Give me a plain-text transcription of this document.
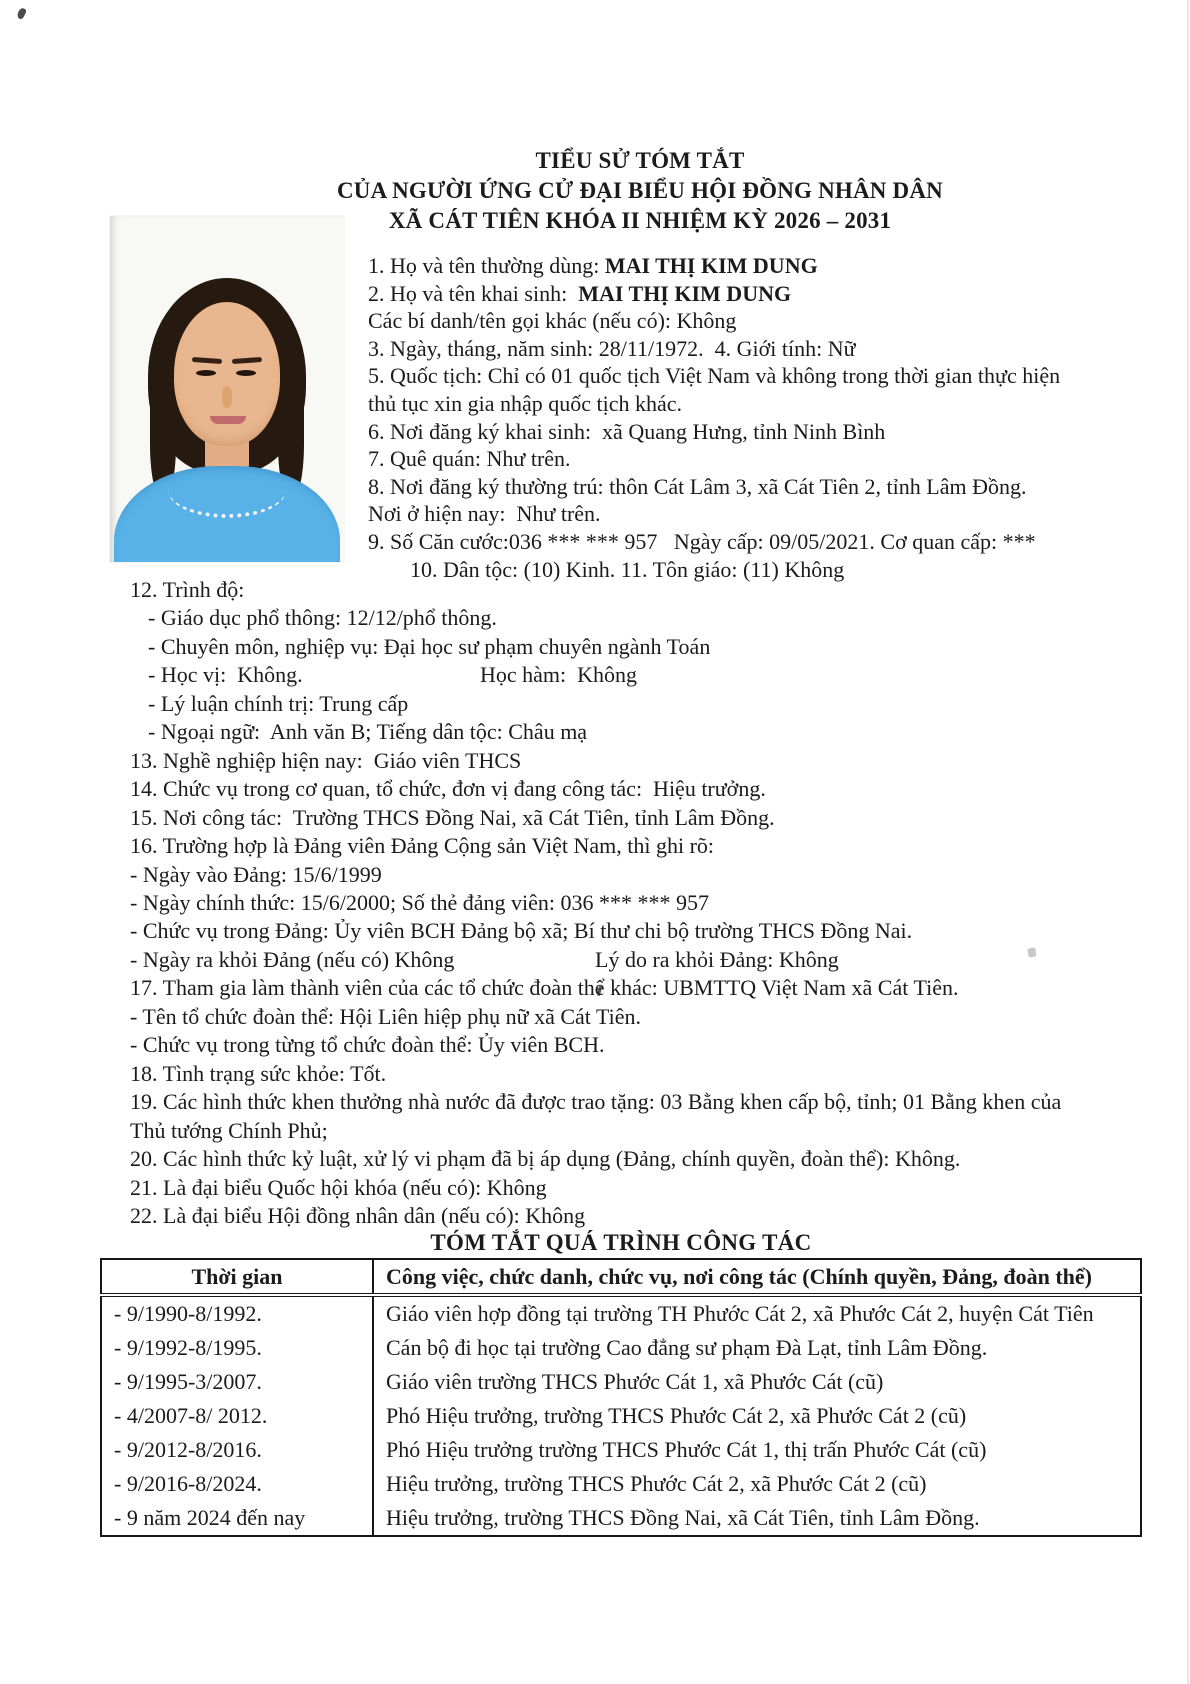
TIỂU SỬ TÓM TẮT
CỦA NGƯỜI ỨNG CỬ ĐẠI BIỂU HỘI ĐỒNG NHÂN DÂN
XÃ CÁT TIÊN KHÓA II NHIỆM KỲ 2026 – 2031
1. Họ và tên thường dùng: MAI THỊ KIM DUNG
2. Họ và tên khai sinh:  MAI THỊ KIM DUNG
Các bí danh/tên gọi khác (nếu có): Không
3. Ngày, tháng, năm sinh: 28/11/1972.  4. Giới tính: Nữ
5. Quốc tịch: Chỉ có 01 quốc tịch Việt Nam và không trong thời gian thực hiện
thủ tục xin gia nhập quốc tịch khác.
6. Nơi đăng ký khai sinh:  xã Quang Hưng, tỉnh Ninh Bình
7. Quê quán: Như trên.
8. Nơi đăng ký thường trú: thôn Cát Lâm 3, xã Cát Tiên 2, tỉnh Lâm Đồng.
Nơi ở hiện nay:  Như trên.
9. Số Căn cước:036 *** *** 957   Ngày cấp: 09/05/2021. Cơ quan cấp: ***
10. Dân tộc: (10) Kinh. 11. Tôn giáo: (11) Không
12. Trình độ:
- Giáo dục phổ thông: 12/12/phổ thông.
- Chuyên môn, nghiệp vụ: Đại học sư phạm chuyên ngành Toán
- Học vị:  Không.	Học hàm:  Không
- Lý luận chính trị: Trung cấp
- Ngoại ngữ:  Anh văn B; Tiếng dân tộc: Châu mạ
13. Nghề nghiệp hiện nay:  Giáo viên THCS
14. Chức vụ trong cơ quan, tổ chức, đơn vị đang công tác:  Hiệu trưởng.
15. Nơi công tác:  Trường THCS Đồng Nai, xã Cát Tiên, tỉnh Lâm Đồng.
16. Trường hợp là Đảng viên Đảng Cộng sản Việt Nam, thì ghi rõ:
- Ngày vào Đảng: 15/6/1999
- Ngày chính thức: 15/6/2000; Số thẻ đảng viên: 036 *** *** 957
- Chức vụ trong Đảng: Ủy viên BCH Đảng bộ xã; Bí thư chi bộ trường THCS Đồng Nai.
- Ngày ra khỏi Đảng (nếu có) Không	Lý do ra khỏi Đảng: Không
17. Tham gia làm thành viên của các tổ chức đoàn thể khác: UBMTTQ Việt Nam xã Cát Tiên.
- Tên tổ chức đoàn thể: Hội Liên hiệp phụ nữ xã Cát Tiên.
- Chức vụ trong từng tổ chức đoàn thể: Ủy viên BCH.
18. Tình trạng sức khỏe: Tốt.
19. Các hình thức khen thưởng nhà nước đã được trao tặng: 03 Bằng khen cấp bộ, tỉnh; 01 Bằng khen của
Thủ tướng Chính Phủ;
20. Các hình thức kỷ luật, xử lý vi phạm đã bị áp dụng (Đảng, chính quyền, đoàn thể): Không.
21. Là đại biểu Quốc hội khóa (nếu có): Không
22. Là đại biểu Hội đồng nhân dân (nếu có): Không
TÓM TẮT QUÁ TRÌNH CÔNG TÁC
Thời gian	Công việc, chức danh, chức vụ, nơi công tác (Chính quyền, Đảng, đoàn thể)
- 9/1990-8/1992.	Giáo viên hợp đồng tại trường TH Phước Cát 2, xã Phước Cát 2, huyện Cát Tiên
- 9/1992-8/1995.	Cán bộ đi học tại trường Cao đẳng sư phạm Đà Lạt, tỉnh Lâm Đồng.
- 9/1995-3/2007.	Giáo viên trường THCS Phước Cát 1, xã Phước Cát (cũ)
- 4/2007-8/ 2012.	Phó Hiệu trưởng, trường THCS Phước Cát 2, xã Phước Cát 2 (cũ)
- 9/2012-8/2016.	Phó Hiệu trưởng trường THCS Phước Cát 1, thị trấn Phước Cát (cũ)
- 9/2016-8/2024.	Hiệu trưởng, trường THCS Phước Cát 2, xã Phước Cát 2 (cũ)
- 9 năm 2024 đến nay	Hiệu trưởng, trường THCS Đồng Nai, xã Cát Tiên, tỉnh Lâm Đồng.
